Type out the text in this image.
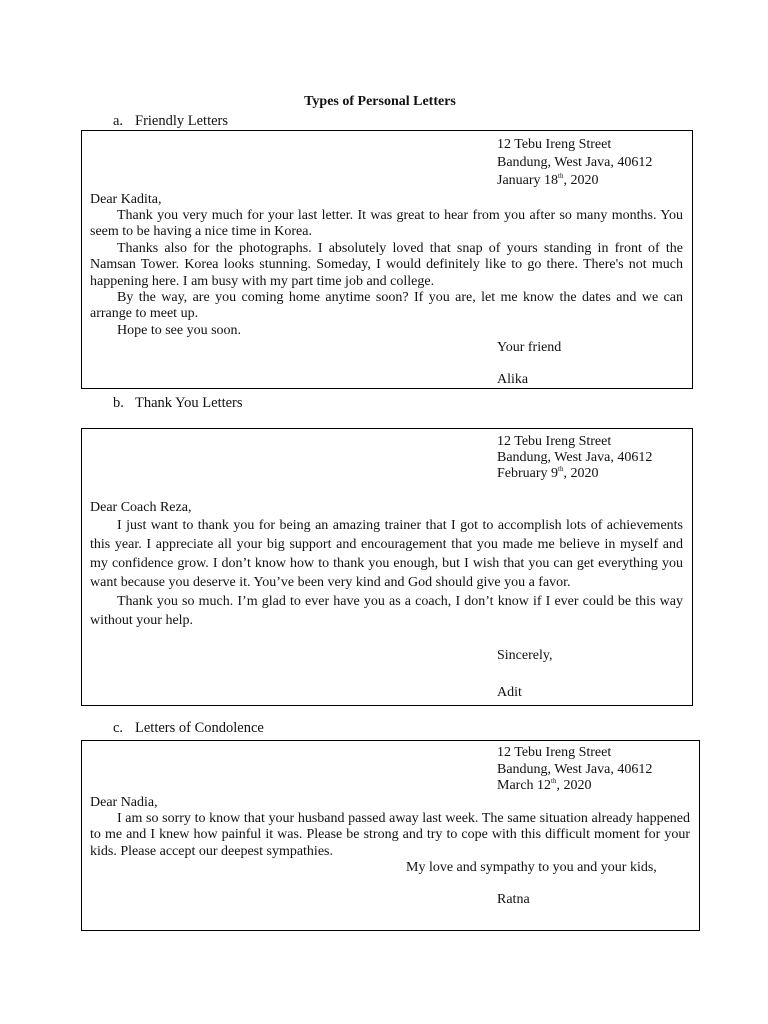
Types of Personal Letters
a. Friendly Letters
12 Tebu Ireng Street
Bandung, West Java, 40612
January 18th, 2020
Dear Kadita,
Thank you very much for your last letter. It was great to hear from you after so many months. You seem to be having a nice time in Korea.
Thanks also for the photographs. I absolutely loved that snap of yours standing in front of the Namsan Tower. Korea looks stunning. Someday, I would definitely like to go there. There's not much happening here. I am busy with my part time job and college.
By the way, are you coming home anytime soon? If you are, let me know the dates and we can arrange to meet up.
Hope to see you soon.
Your friend
Alika
b. Thank You Letters
12 Tebu Ireng Street
Bandung, West Java, 40612
February 9th, 2020
Dear Coach Reza,
I just want to thank you for being an amazing trainer that I got to accomplish lots of achievements this year. I appreciate all your big support and encouragement that you made me believe in myself and my confidence grow. I don’t know how to thank you enough, but I wish that you can get everything you want because you deserve it. You’ve been very kind and God should give you a favor.
Thank you so much. I’m glad to ever have you as a coach, I don’t know if I ever could be this way without your help.
Sincerely,
Adit
c. Letters of Condolence
12 Tebu Ireng Street
Bandung, West Java, 40612
March 12th, 2020
Dear Nadia,
I am so sorry to know that your husband passed away last week. The same situation already happened to me and I knew how painful it was. Please be strong and try to cope with this difficult moment for your kids. Please accept our deepest sympathies.
My love and sympathy to you and your kids,
Ratna
